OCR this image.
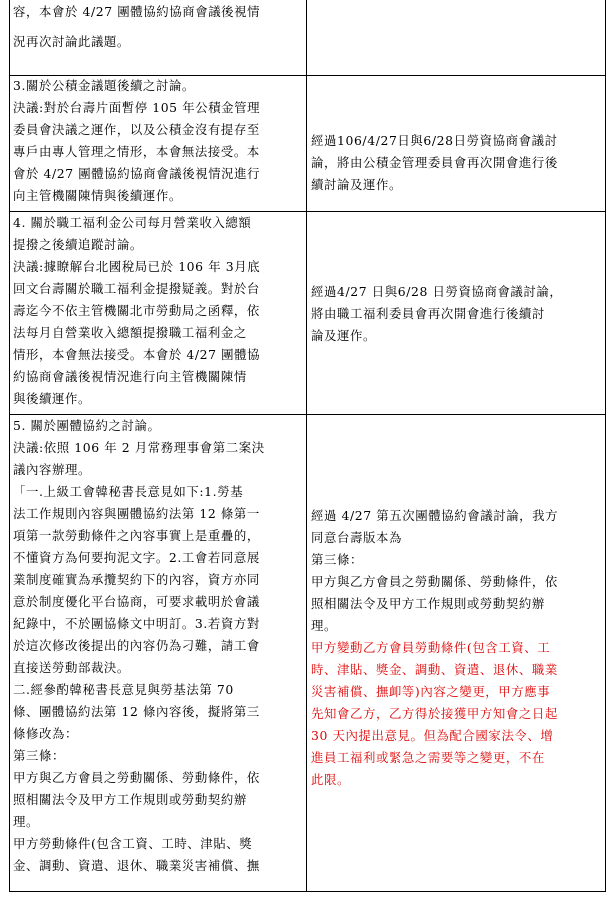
容，本會於 4/27 團體協約協商會議後視情
況再次討論此議題。
3.關於公積金議題後續之討論。
決議:對於台壽片面暫停 105 年公積金管理
委員會決議之運作，以及公積金沒有提存至
專戶由專人管理之情形，本會無法接受。本
會於 4/27 團體協約協商會議後視情況進行
向主管機關陳情與後續運作。
經過106/4/27日與6/28日勞資協商會議討
論，將由公積金管理委員會再次開會進行後
續討論及運作。
4. 關於職工福利金公司每月營業收入總額
提撥之後續追蹤討論。
決議:據瞭解台北國稅局已於 106 年 3月底
回文台壽關於職工福利金提撥疑義。對於台
壽迄今不依主管機關北市勞動局之函釋，依
法每月自營業收入總額提撥職工福利金之
情形，本會無法接受。本會於 4/27 團體協
約協商會議後視情況進行向主管機關陳情
與後續運作。
經過4/27 日與6/28 日勞資協商會議討論，
將由職工福利委員會再次開會進行後續討
論及運作。
5. 關於團體協約之討論。
決議:依照 106 年 2 月常務理事會第二案決
議內容辦理。
「一.上級工會韓秘書長意見如下:1.勞基
法工作規則內容與團體協約法第 12 條第一
項第一款勞動條件之內容事實上是重疊的，
不懂資方為何要拘泥文字。2.工會若同意展
業制度確實為承攬契約下的內容，資方亦同
意於制度優化平台協商，可要求載明於會議
紀錄中，不於團協條文中明訂。3.若資方對
於這次修改後提出的內容仍為刁難，請工會
直接送勞動部裁決。
二.經參酌韓秘書長意見與勞基法第 70
條、團體協約法第 12 條內容後，擬將第三
條修改為：
第三條：
甲方與乙方會員之勞動關係、勞動條件，依
照相關法令及甲方工作規則或勞動契約辦
理。
甲方勞動條件(包含工資、工時、津貼、獎
金、調動、資遣、退休、職業災害補償、撫
經過 4/27 第五次團體協約會議討論，我方
同意台壽版本為
第三條：
甲方與乙方會員之勞動關係、勞動條件，依
照相關法令及甲方工作規則或勞動契約辦
理。
甲方變動乙方會員勞動條件(包含工資、工
時、津貼、獎金、調動、資遣、退休、職業
災害補償、撫卹等)內容之變更，甲方應事
先知會乙方，乙方得於接獲甲方知會之日起
30 天內提出意見。但為配合國家法令、增
進員工福利或緊急之需要等之變更，不在
此限。
